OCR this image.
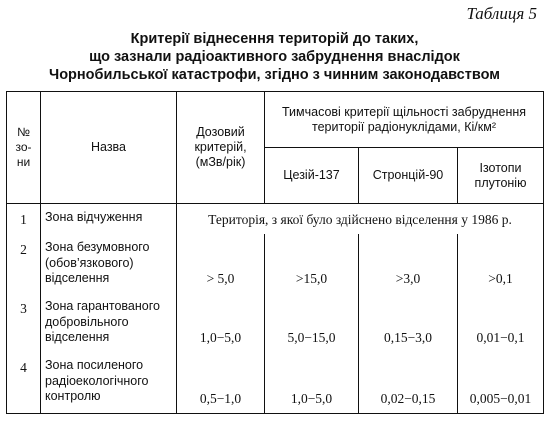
Таблиця 5
Критерії віднесення територій до таких,
що зазнали радіоактивного забруднення внаслідок
Чорнобильської катастрофи, згідно з чинним законодавством
№ зо- ни	Назва	Дозовий критерій, (мЗв/рік)	Тимчасові критерії щільності забруднення території радіонуклідами, Кі/км²		
			Цезій-137	Стронцій-90	Ізотопи плутонію
1	Зона відчуження	Територія, з якої було здійснено відселення у 1986 р.			
2	Зона безумовного (обов’язкового) відселення	> 5,0	>15,0	>3,0	>0,1
3	Зона гарантованого добровільного відселення	1,0−5,0	5,0−15,0	0,15−3,0	0,01−0,1
4	Зона посиленого радіоекологічного контролю	0,5−1,0	1,0−5,0	0,02−0,15	0,005−0,01
